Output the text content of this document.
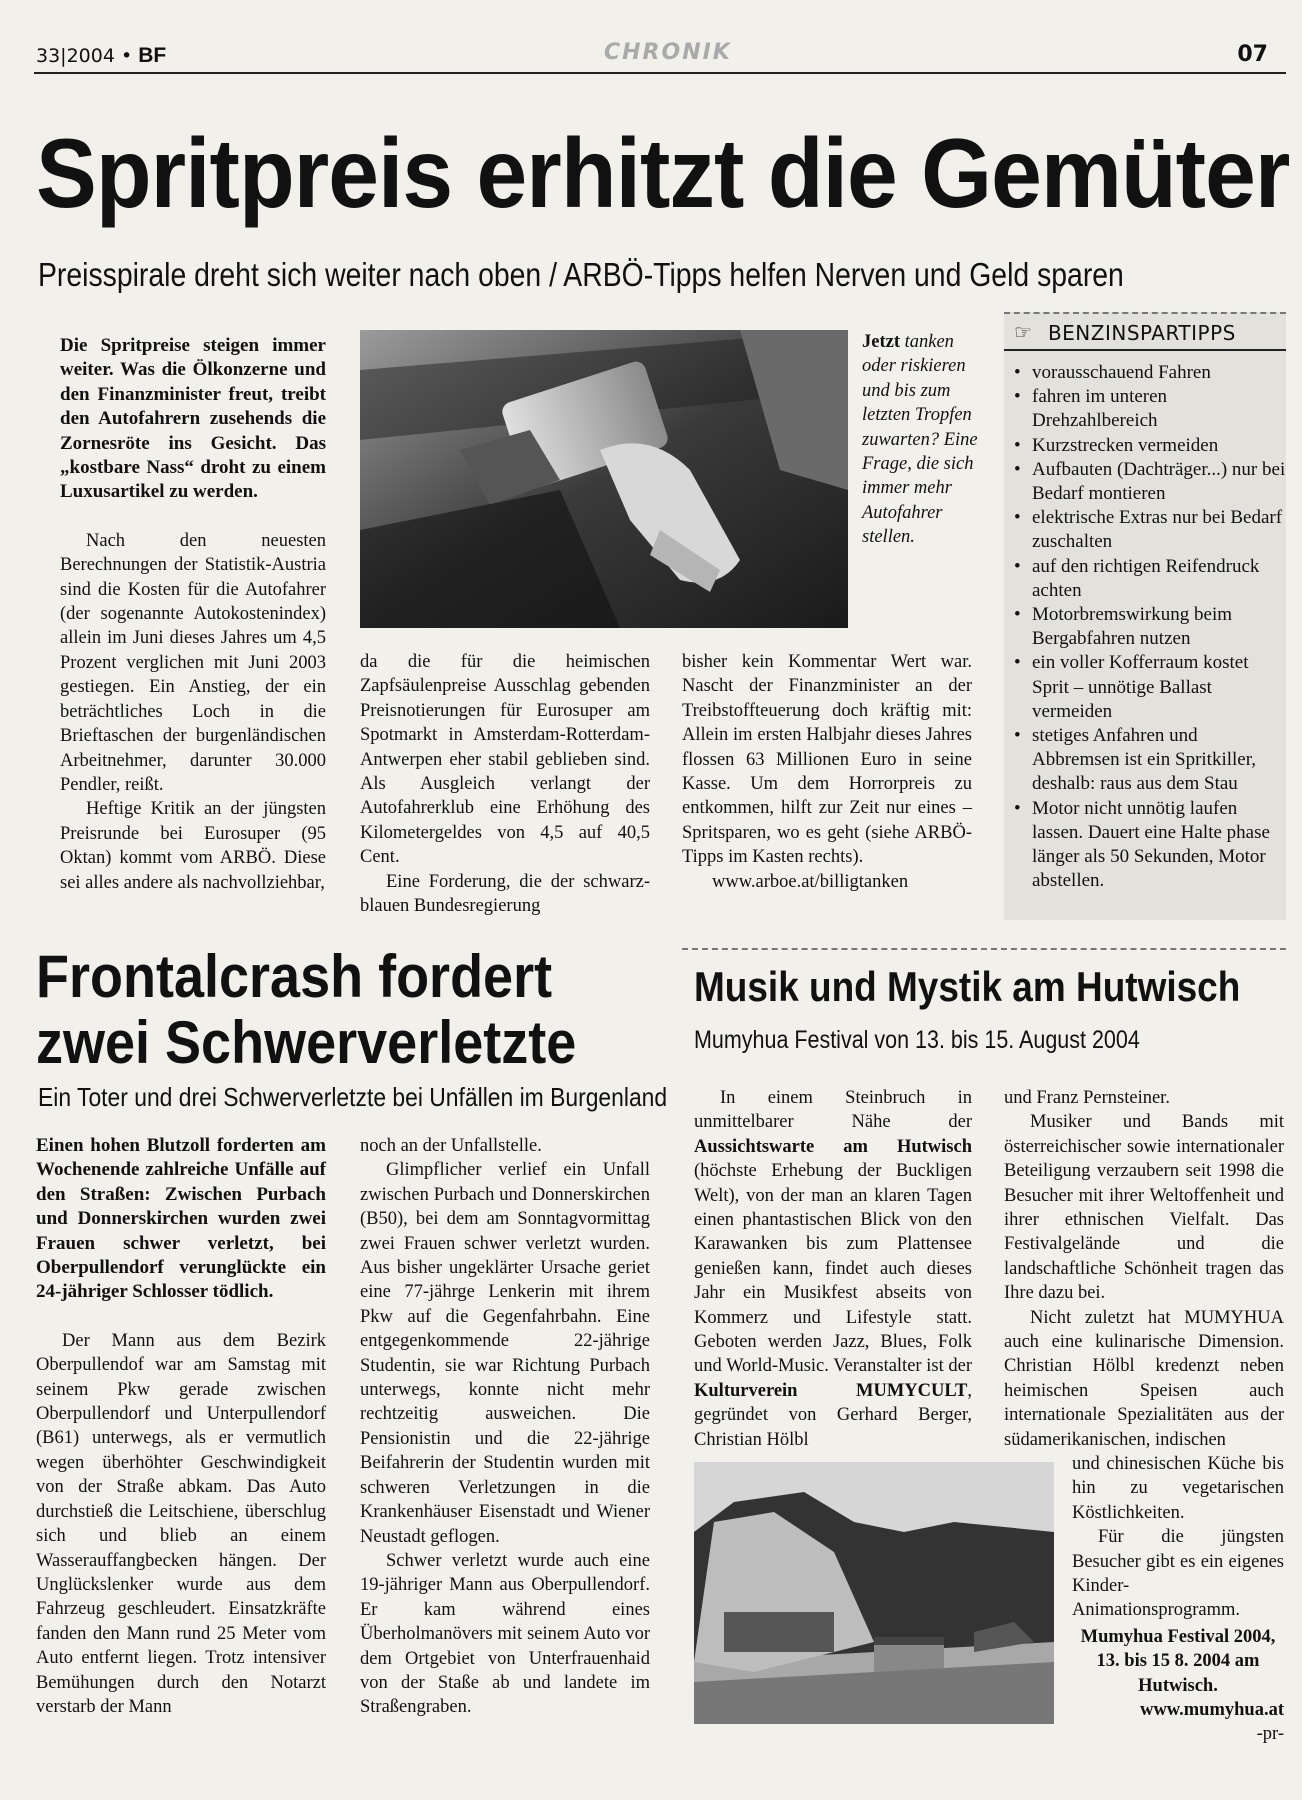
33|2004 • BF	CHRONIK	07
Spritpreis erhitzt die Gemüter
Preisspirale dreht sich weiter nach oben / ARBÖ-Tipps helfen Nerven und Geld sparen
Die Spritpreise steigen immer weiter. Was die Ölkonzerne und den Finanzminister freut, treibt den Autofahrern zusehends die Zornesröte ins Gesicht. Das „kostbare Nass“ droht zu einem Luxusartikel zu werden.

Nach den neuesten Berechnungen der Statistik-Austria sind die Kosten für die Autofahrer (der sogenannte Autokostenindex) allein im Juni dieses Jahres um 4,5 Prozent verglichen mit Juni 2003 gestiegen. Ein Anstieg, der ein beträchtliches Loch in die Brieftaschen der burgenländischen Arbeitnehmer, darunter 30.000 Pendler, reißt.

Heftige Kritik an der jüngsten Preisrunde bei Eurosuper (95 Oktan) kommt vom ARBÖ. Diese sei alles andere als nachvollziehbar,

Jetzt tanken oder riskieren und bis zum letzten Tropfen zuwarten? Eine Frage, die sich immer mehr Autofahrer stellen.

da die für die heimischen Zapfsäulenpreise Ausschlag gebenden Preisnotierungen für Eurosuper am Spotmarkt in Amsterdam-Rotterdam-Antwerpen eher stabil geblieben sind. Als Ausgleich verlangt der Autofahrerklub eine Erhöhung des Kilometergeldes von 4,5 auf 40,5 Cent.

Eine Forderung, die der schwarz-blauen Bundesregierung

bisher kein Kommentar Wert war. Nascht der Finanzminister an der Treibstoffteuerung doch kräftig mit: Allein im ersten Halbjahr dieses Jahres flossen 63 Millionen Euro in seine Kasse. Um dem Horrorpreis zu entkommen, hilft zur Zeit nur eines – Spritsparen, wo es geht (siehe ARBÖ-Tipps im Kasten rechts).

www.arboe.at/billigtanken

☞ BENZINSPARTIPPS
• vorausschauend Fahren
• fahren im unteren Drehzahlbereich
• Kurzstrecken vermeiden
• Aufbauten (Dachträger...) nur bei Bedarf montieren
• elektrische Extras nur bei Bedarf zuschalten
• auf den richtigen Reifendruck achten
• Motorbremswirkung beim Bergabfahren nutzen
• ein voller Kofferraum kostet Sprit – unnötige Ballast vermeiden
• stetiges Anfahren und Abbremsen ist ein Spritkiller, deshalb: raus aus dem Stau
• Motor nicht unnötig laufen lassen. Dauert eine Halte phase länger als 50 Sekunden, Motor abstellen.
Frontalcrash fordert
zwei Schwerverletzte
Ein Toter und drei Schwerverletzte bei Unfällen im Burgenland
Einen hohen Blutzoll forderten am Wochenende zahlreiche Unfälle auf den Straßen: Zwischen Purbach und Donnerskirchen wurden zwei Frauen schwer verletzt, bei Oberpullendorf verunglückte ein 24-jähriger Schlosser tödlich.

Der Mann aus dem Bezirk Oberpullendof war am Samstag mit seinem Pkw gerade zwischen Oberpullendorf und Unterpullendorf (B61) unterwegs, als er vermutlich wegen überhöhter Geschwindigkeit von der Straße abkam. Das Auto durchstieß die Leitschiene, überschlug sich und blieb an einem Wasserauffangbecken hängen. Der Unglückslenker wurde aus dem Fahrzeug geschleudert. Einsatzkräfte fanden den Mann rund 25 Meter vom Auto entfernt liegen. Trotz intensiver Bemühungen durch den Notarzt verstarb der Mann

noch an der Unfallstelle.

Glimpflicher verlief ein Unfall zwischen Purbach und Donnerskirchen (B50), bei dem am Sonntagvormittag zwei Frauen schwer verletzt wurden. Aus bisher ungeklärter Ursache geriet eine 77-jährge Lenkerin mit ihrem Pkw auf die Gegenfahrbahn. Eine entgegenkommende 22-jährige Studentin, sie war Richtung Purbach unterwegs, konnte nicht mehr rechtzeitig ausweichen. Die Pensionistin und die 22-jährige Beifahrerin der Studentin wurden mit schweren Verletzungen in die Krankenhäuser Eisenstadt und Wiener Neustadt geflogen.

Schwer verletzt wurde auch eine 19-jähriger Mann aus Oberpullendorf. Er kam während eines Überholmanövers mit seinem Auto vor dem Ortgebiet von Unterfrauenhaid von der Staße ab und landete im Straßengraben.

Musik und Mystik am Hutwisch
Mumyhua Festival von 13. bis 15. August 2004

In einem Steinbruch in unmittelbarer Nähe der Aussichtswarte am Hutwisch (höchste Erhebung der Buckligen Welt), von der man an klaren Tagen einen phantastischen Blick von den Karawanken bis zum Plattensee genießen kann, findet auch dieses Jahr ein Musikfest abseits von Kommerz und Lifestyle statt. Geboten werden Jazz, Blues, Folk und World-Music. Veranstalter ist der Kulturverein MUMYCULT, gegründet von Gerhard Berger, Christian Hölbl

und Franz Pernsteiner.

Musiker und Bands mit österreichischer sowie internationaler Beteiligung verzaubern seit 1998 die Besucher mit ihrer Weltoffenheit und ihrer ethnischen Vielfalt. Das Festivalgelände und die landschaftliche Schönheit tragen das Ihre dazu bei.

Nicht zuletzt hat MUMYHUA auch eine kulinarische Dimension. Christian Hölbl kredenzt neben heimischen Speisen auch internationale Spezialitäten aus der südamerikanischen, indischen

und chinesischen Küche bis hin zu vegetarischen Köstlichkeiten.

Für die jüngsten Besucher gibt es ein eigenes Kinder-Animationsprogramm.

Mumyhua Festival 2004, 13. bis 15 8. 2004 am Hutwisch.
www.mumyhua.at
-pr-
